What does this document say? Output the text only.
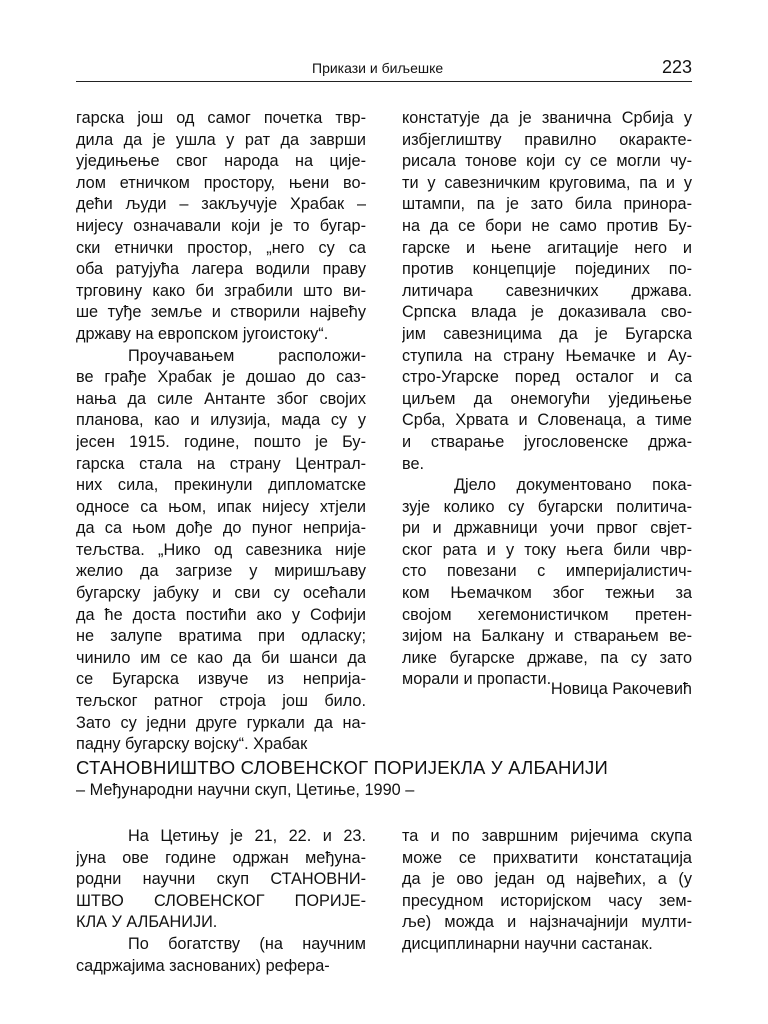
Прикази и биљешке	223
гарска још од самог почетка твр-
дила да је ушла у рат да заврши
уједињење свог народа на ције-
лом етничком простору, њени во-
дећи људи – закључује Храбак –
нијесу означавали који је то бугар-
ски етнички простор, „него су са
оба ратујућа лагера водили праву
трговину како би зграбили што ви-
ше туђе земље и створили највећу
државу на европском југоистоку“.
Проучавањем расположи-
ве грађе Храбак је дошао до саз-
нања да силе Антанте због својих
планова, као и илузија, мада су у
јесен 1915. године, пошто је Бу-
гарска стала на страну Централ-
них сила, прекинули дипломатске
односе са њом, ипак нијесу хтјели
да са њом дође до пуног неприја-
тељства. „Нико од савезника није
желио да загризе у миришљаву
бугарску јабуку и сви су осећали
да ће доста постићи ако у Софији
не залупе вратима при одласку;
чинило им се као да би шанси да
се Бугарска извуче из неприја-
тељског ратног строја још било.
Зато су једни друге гуркали да на-
падну бугарску војску“. Храбак
констатује да је званична Србија у
избјеглиштву правилно окаракте-
рисала тонове који су се могли чу-
ти у савезничким круговима, па и у
штампи, па је зато била принора-
на да се бори не само против Бу-
гарске и њене агитације него и
против концепције појединих по-
литичара савезничких држава.
Српска влада је доказивала сво-
јим савезницима да је Бугарска
ступила на страну Њемачке и Ау-
стро-Угарске поред осталог и са
циљем да онемогући уједињење
Срба, Хрвата и Словенаца, а тиме
и стварање југословенске држа-
ве.
Дјело документовано пока-
зује колико су бугарски политича-
ри и државници уочи првог свјет-
ског рата и у току њега били чвр-
сто повезани с империјалистич-
ком Њемачком због тежњи за
својом хегемонистичком претен-
зијом на Балкану и стварањем ве-
лике бугарске државе, па су зато
морали и пропасти.
Новица Ракочевић
СТАНОВНИШТВО СЛОВЕНСКОГ ПОРИЈЕКЛА У АЛБАНИЈИ
– Међународни научни скуп, Цетиње, 1990 –
На Цетињу је 21, 22. и 23.
јуна ове године одржан међуна-
родни научни скуп СТАНОВНИ-
ШТВО СЛОВЕНСКОГ ПОРИЈЕ-
КЛА У АЛБАНИЈИ.
По богатству (на научним
садржајима заснованих) рефера-
та и по завршним ријечима скупа
може се прихватити констатација
да је ово један од највећих, а (у
пресудном историјском часу зем-
ље) можда и најзначајнији мулти-
дисциплинарни научни састанак.
